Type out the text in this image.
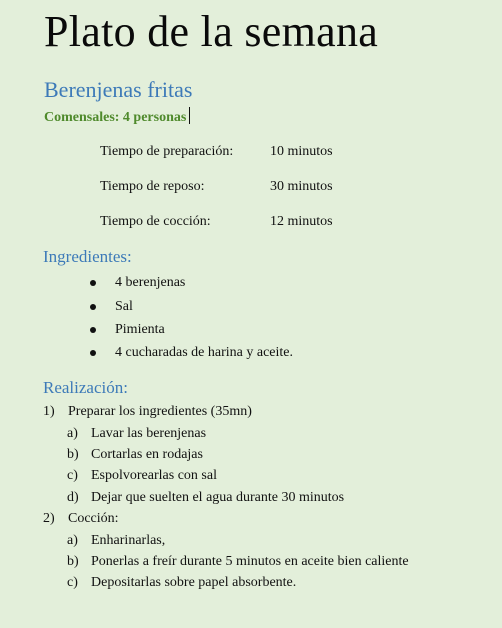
Plato de la semana
Berenjenas fritas
Comensales: 4 personas
Tiempo de preparación:	10 minutos
Tiempo de reposo:	30 minutos
Tiempo de cocción:	12 minutos
Ingredientes:
4 berenjenas
Sal
Pimienta
4 cucharadas de harina y aceite.
Realización:
1) Preparar los ingredientes (35mn)
a) Lavar las berenjenas
b) Cortarlas en rodajas
c) Espolvorearlas con sal
d) Dejar que suelten el agua durante 30 minutos
2) Cocción:
a) Enharinarlas,
b) Ponerlas a freír durante 5 minutos en aceite bien caliente
c) Depositarlas sobre papel absorbente.
